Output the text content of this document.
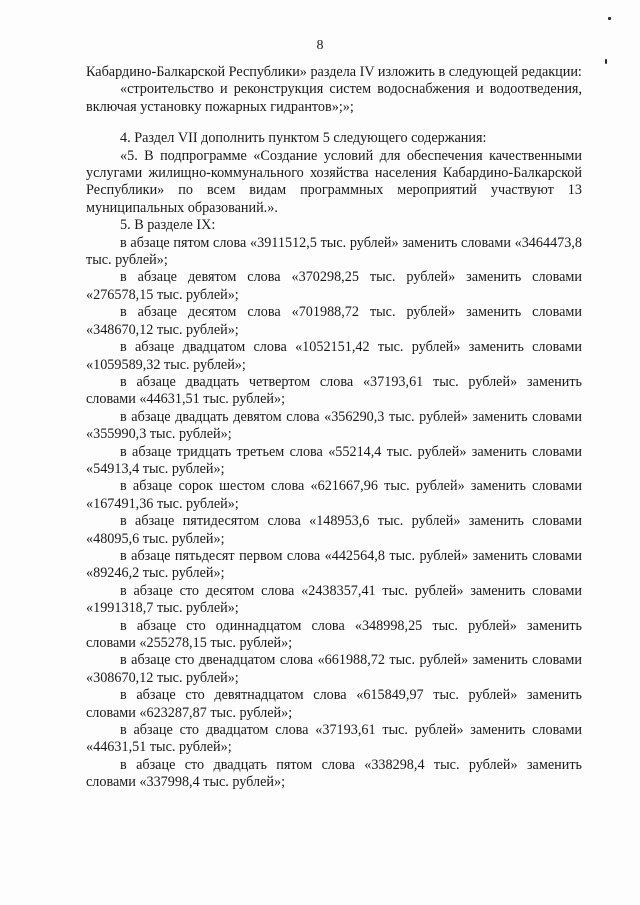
8

Кабардино-Балкарской Республики» раздела IV изложить в следующей редакции:

«строительство и реконструкция систем водоснабжения и водоотведения, включая установку пожарных гидрантов»;»;

4. Раздел VII дополнить пунктом 5 следующего содержания:

«5. В подпрограмме «Создание условий для обеспечения качественными услугами жилищно-коммунального хозяйства населения Кабардино-Балкарской Республики» по всем видам программных мероприятий участвуют 13 муниципальных образований.».

5. В разделе IX:

в абзаце пятом слова «3911512,5 тыс. рублей» заменить словами «3464473,8 тыс. рублей»;

в абзаце девятом слова «370298,25 тыс. рублей» заменить словами «276578,15 тыс. рублей»;

в абзаце десятом слова «701988,72 тыс. рублей» заменить словами «348670,12 тыс. рублей»;

в абзаце двадцатом слова «1052151,42 тыс. рублей» заменить словами «1059589,32 тыс. рублей»;

в абзаце двадцать четвертом слова «37193,61 тыс. рублей» заменить словами «44631,51 тыс. рублей»;

в абзаце двадцать девятом слова «356290,3 тыс. рублей» заменить словами «355990,3 тыс. рублей»;

в абзаце тридцать третьем слова «55214,4 тыс. рублей» заменить словами «54913,4 тыс. рублей»;

в абзаце сорок шестом слова «621667,96 тыс. рублей» заменить словами «167491,36 тыс. рублей»;

в абзаце пятидесятом слова «148953,6 тыс. рублей» заменить словами «48095,6 тыс. рублей»;

в абзаце пятьдесят первом слова «442564,8 тыс. рублей» заменить словами «89246,2 тыс. рублей»;

в абзаце сто десятом слова «2438357,41 тыс. рублей» заменить словами «1991318,7 тыс. рублей»;

в абзаце сто одиннадцатом слова «348998,25 тыс. рублей» заменить словами «255278,15 тыс. рублей»;

в абзаце сто двенадцатом слова «661988,72 тыс. рублей» заменить словами «308670,12 тыс. рублей»;

в абзаце сто девятнадцатом слова «615849,97 тыс. рублей» заменить словами «623287,87 тыс. рублей»;

в абзаце сто двадцатом слова «37193,61 тыс. рублей» заменить словами «44631,51 тыс. рублей»;

в абзаце сто двадцать пятом слова «338298,4 тыс. рублей» заменить словами «337998,4 тыс. рублей»;
